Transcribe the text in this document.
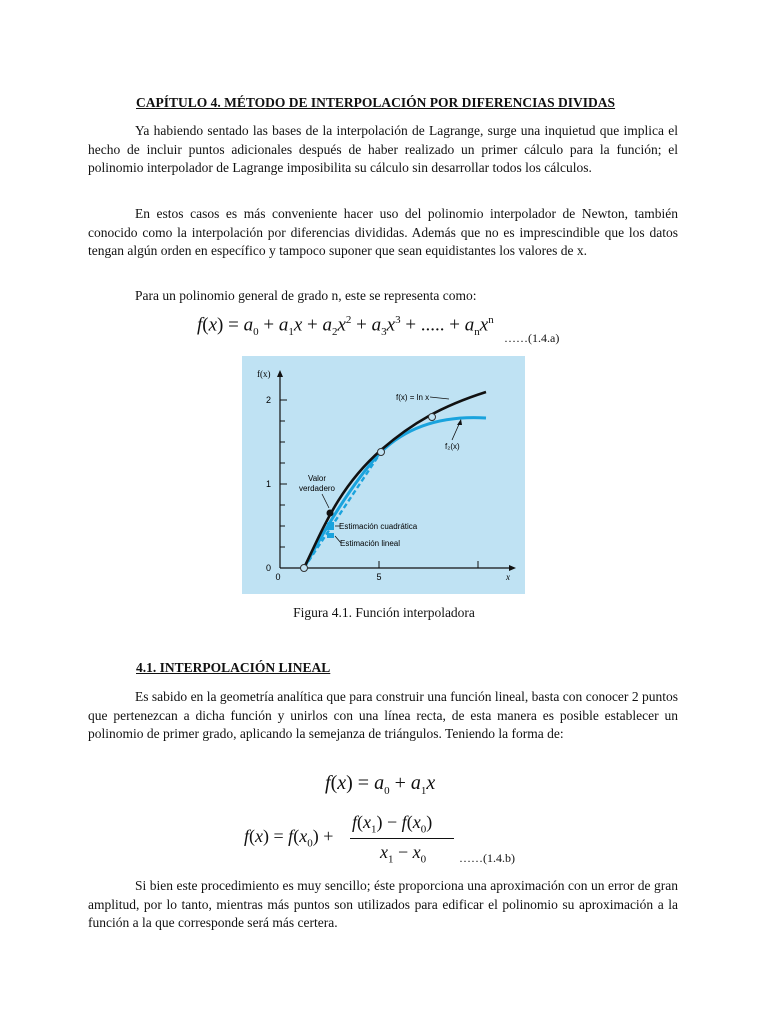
CAPÍTULO 4. MÉTODO DE INTERPOLACIÓN POR DIFERENCIAS DIVIDAS
Ya habiendo sentado las bases de la interpolación de Lagrange, surge una inquietud que implica el hecho de incluir puntos adicionales después de haber realizado un primer cálculo para la función; el polinomio interpolador de Lagrange imposibilita su cálculo sin desarrollar todos los cálculos.
En estos casos es más conveniente hacer uso del polinomio interpolador de Newton, también conocido como la interpolación por diferencias divididas. Además que no es imprescindible que los datos tengan algún orden en específico y tampoco suponer que sean equidistantes los valores de x.
Para un polinomio general de grado n, este se representa como:
$f(x) = a_0 + a_1x + a_2x^2 + a_3x^3$ + ..... + $a_nx^n$
……(1.4.a)
2
1
0
0	5	x
f(x)
f(x) = ln x
f₂(x)
Valor
verdadero
Estimación cuadrática
Estimación lineal
Figura 4.1. Función interpoladora
4.1. INTERPOLACIÓN LINEAL
Es sabido en la geometría analítica que para construir una función lineal, basta con conocer 2 puntos que pertenezcan a dicha función y unirlos con una línea recta, de esta manera es posible establecer un polinomio de primer grado, aplicando la semejanza de triángulos. Teniendo la forma de:
$f(x) = a_0 + a_1x$
$f(x) = f(x_0)$ +
$f(x_1) - f(x_0)$
$x_1 - x_0$	……(1.4.b)
Si bien este procedimiento es muy sencillo; éste proporciona una aproximación con un error de gran amplitud, por lo tanto, mientras más puntos son utilizados para edificar el polinomio su aproximación a la función a la que corresponde será más certera.
